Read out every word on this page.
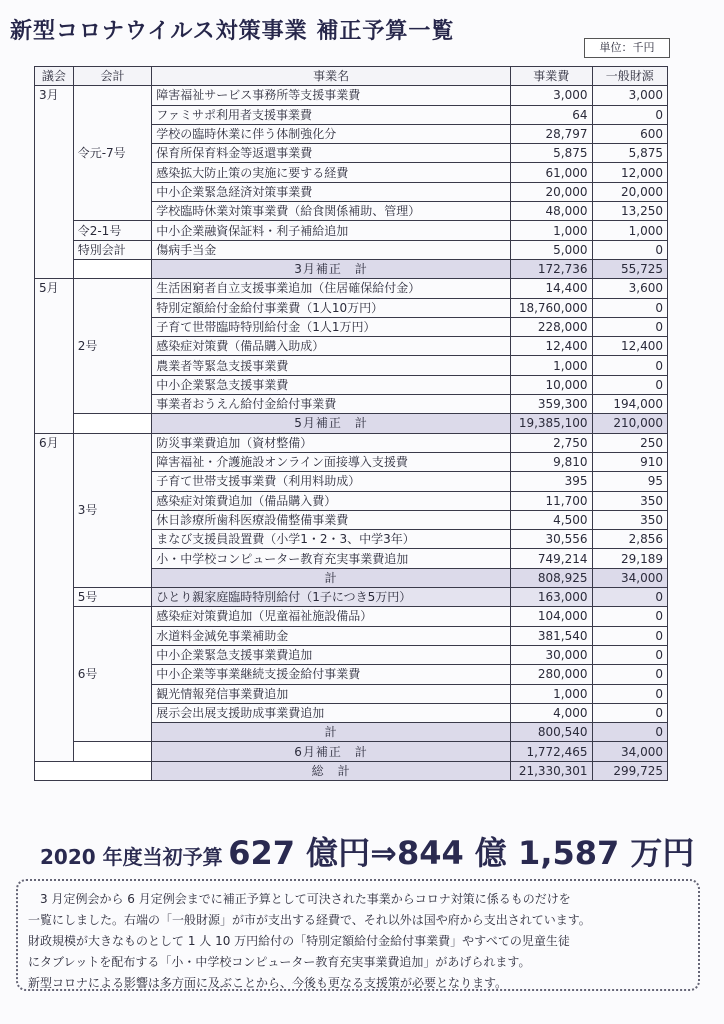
新型コロナウイルス対策事業 補正予算一覧
単位：千円
議会	会計	事業名	事業費	一般財源
3月	令元-7号	障害福祉サービス事務所等支援事業費	3,000	3,000
		ファミサポ利用者支援事業費	64	0
		学校の臨時休業に伴う体制強化分	28,797	600
		保育所保育料金等返還事業費	5,875	5,875
		感染拡大防止策の実施に要する経費	61,000	12,000
		中小企業緊急経済対策事業費	20,000	20,000
		学校臨時休業対策事業費（給食関係補助、管理）	48,000	13,250
	令2-1号	中小企業融資保証料・利子補給追加	1,000	1,000
	特別会計	傷病手当金	5,000	0
		3月補正　計	172,736	55,725
5月	2号	生活困窮者自立支援事業追加（住居確保給付金）	14,400	3,600
		特別定額給付金給付事業費（1人10万円）	18,760,000	0
		子育て世帯臨時特別給付金（1人1万円）	228,000	0
		感染症対策費（備品購入助成）	12,400	12,400
		農業者等緊急支援事業費	1,000	0
		中小企業緊急支援事業費	10,000	0
		事業者おうえん給付金給付事業費	359,300	194,000
		5月補正　計	19,385,100	210,000
6月	3号	防災事業費追加（資材整備）	2,750	250
		障害福祉・介護施設オンライン面接導入支援費	9,810	910
		子育て世帯支援事業費（利用料助成）	395	95
		感染症対策費追加（備品購入費）	11,700	350
		休日診療所歯科医療設備整備事業費	4,500	350
		まなび支援員設置費（小学1・2・3、中学3年）	30,556	2,856
		小・中学校コンピューター教育充実事業費追加	749,214	29,189
		計	808,925	34,000
	5号	ひとり親家庭臨時特別給付（1子につき5万円）	163,000	0
	6号	感染症対策費追加（児童福祉施設備品）	104,000	0
		水道料金減免事業補助金	381,540	0
		中小企業緊急支援事業費追加	30,000	0
		中小企業等事業継続支援金給付事業費	280,000	0
		観光情報発信事業費追加	1,000	0
		展示会出展支援助成事業費追加	4,000	0
		計	800,540	0
		6月補正　計	1,772,465	34,000
		総　計	21,330,301	299,725
2020 年度当初予算 627 億円⇒844 億 1,587 万円

　3 月定例会から 6 月定例会までに補正予算として可決された事業からコロナ対策に係るものだけを

一覧にしました。右端の「一般財源」が市が支出する経費で、それ以外は国や府から支出されています。

財政規模が大きなものとして 1 人 10 万円給付の「特別定額給付金給付事業費」やすべての児童生徒

にタブレットを配布する「小・中学校コンピューター教育充実事業費追加」があげられます。

新型コロナによる影響は多方面に及ぶことから、今後も更なる支援策が必要となります。
